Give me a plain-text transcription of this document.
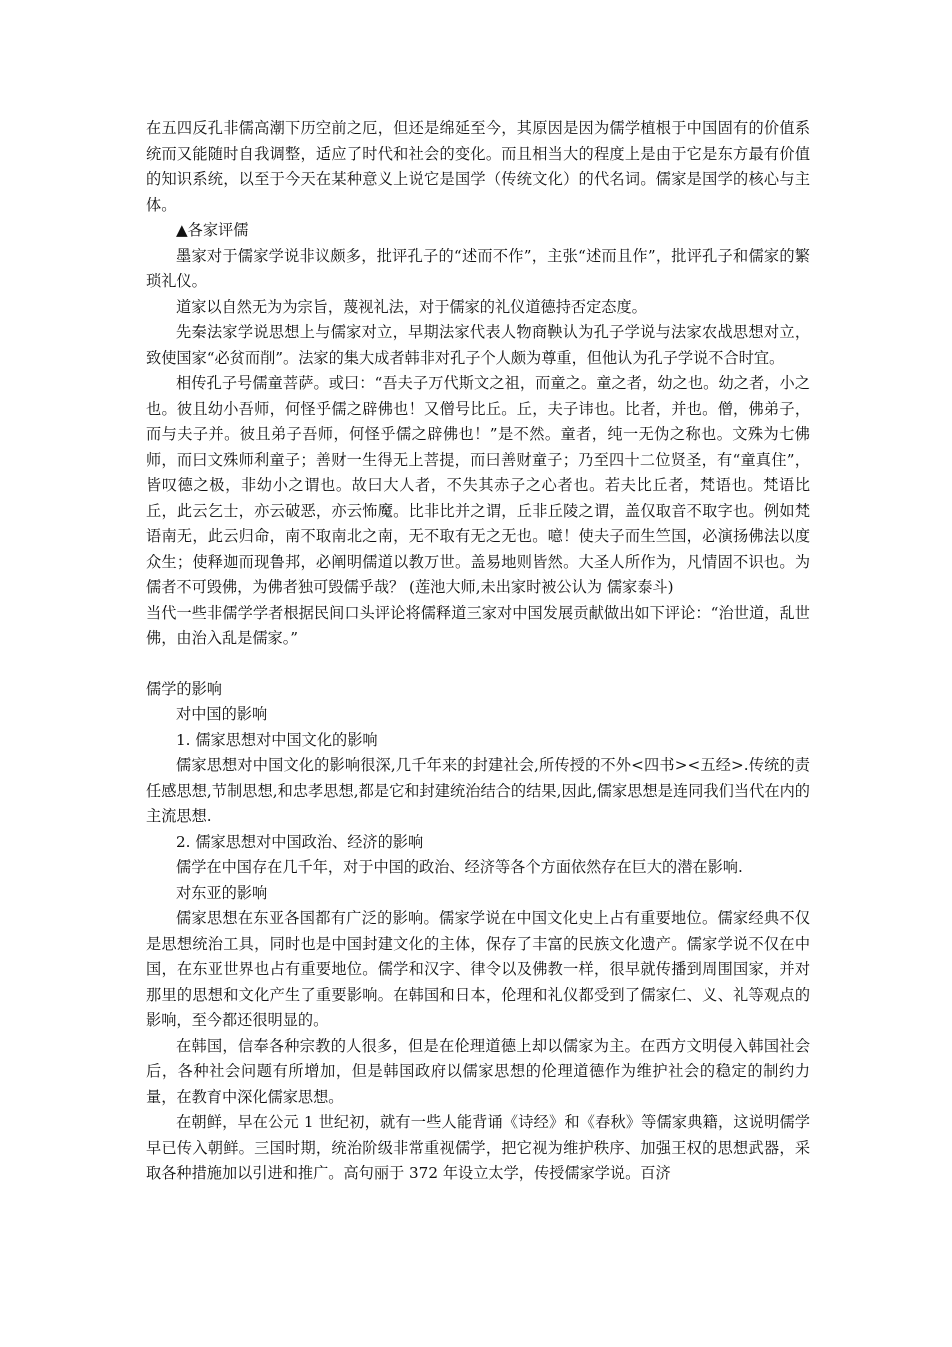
在五四反孔非儒高潮下历空前之厄，但还是绵延至今，其原因是因为儒学植根于中国固有的价值系统而又能随时自我调整，适应了时代和社会的变化。而且相当大的程度上是由于它是东方最有价值的知识系统，以至于今天在某种意义上说它是国学（传统文化）的代名词。儒家是国学的核心与主体。

▲各家评儒

墨家对于儒家学说非议颇多，批评孔子的“述而不作”，主张“述而且作”，批评孔子和儒家的繁琐礼仪。

道家以自然无为为宗旨，蔑视礼法，对于儒家的礼仪道德持否定态度。

先秦法家学说思想上与儒家对立，早期法家代表人物商鞅认为孔子学说与法家农战思想对立，致使国家“必贫而削”。法家的集大成者韩非对孔子个人颇为尊重，但他认为孔子学说不合时宜。

相传孔子号儒童菩萨。或曰：“吾夫子万代斯文之祖，而童之。童之者，幼之也。幼之者，小之也。彼且幼小吾师，何怪乎儒之辟佛也！又僧号比丘。丘，夫子讳也。比者，并也。僧，佛弟子，而与夫子并。彼且弟子吾师，何怪乎儒之辟佛也！”是不然。童者，纯一无伪之称也。文殊为七佛师，而曰文殊师利童子；善财一生得无上菩提，而曰善财童子；乃至四十二位贤圣，有“童真住”，皆叹德之极，非幼小之谓也。故曰大人者，不失其赤子之心者也。若夫比丘者，梵语也。梵语比丘，此云乞士，亦云破恶，亦云怖魔。比非比并之谓，丘非丘陵之谓，盖仅取音不取字也。例如梵语南无，此云归命，南不取南北之南，无不取有无之无也。噫！使夫子而生竺国，必演扬佛法以度众生；使释迦而现鲁邦，必阐明儒道以教万世。盖易地则皆然。大圣人所作为，凡情固不识也。为儒者不可毁佛，为佛者独可毁儒乎哉？ (莲池大师,未出家时被公认为 儒家泰斗)

当代一些非儒学学者根据民间口头评论将儒释道三家对中国发展贡献做出如下评论：“治世道，乱世佛，由治入乱是儒家。”

儒学的影响

对中国的影响

1. 儒家思想对中国文化的影响

儒家思想对中国文化的影响很深,几千年来的封建社会,所传授的不外<四书><五经>.传统的责任感思想,节制思想,和忠孝思想,都是它和封建统治结合的结果,因此,儒家思想是连同我们当代在内的主流思想.

2. 儒家思想对中国政治、经济的影响

儒学在中国存在几千年，对于中国的政治、经济等各个方面依然存在巨大的潜在影响.

对东亚的影响

儒家思想在东亚各国都有广泛的影响。儒家学说在中国文化史上占有重要地位。儒家经典不仅是思想统治工具，同时也是中国封建文化的主体，保存了丰富的民族文化遗产。儒家学说不仅在中国，在东亚世界也占有重要地位。儒学和汉字、律令以及佛教一样，很早就传播到周围国家，并对那里的思想和文化产生了重要影响。在韩国和日本，伦理和礼仪都受到了儒家仁、义、礼等观点的影响，至今都还很明显的。

在韩国，信奉各种宗教的人很多，但是在伦理道德上却以儒家为主。在西方文明侵入韩国社会后，各种社会问题有所增加，但是韩国政府以儒家思想的伦理道德作为维护社会的稳定的制约力量，在教育中深化儒家思想。

在朝鲜，早在公元 1 世纪初，就有一些人能背诵《诗经》和《春秋》等儒家典籍，这说明儒学早已传入朝鲜。三国时期，统治阶级非常重视儒学，把它视为维护秩序、加强王权的思想武器，采取各种措施加以引进和推广。高句丽于 372 年设立太学，传授儒家学说。百济
